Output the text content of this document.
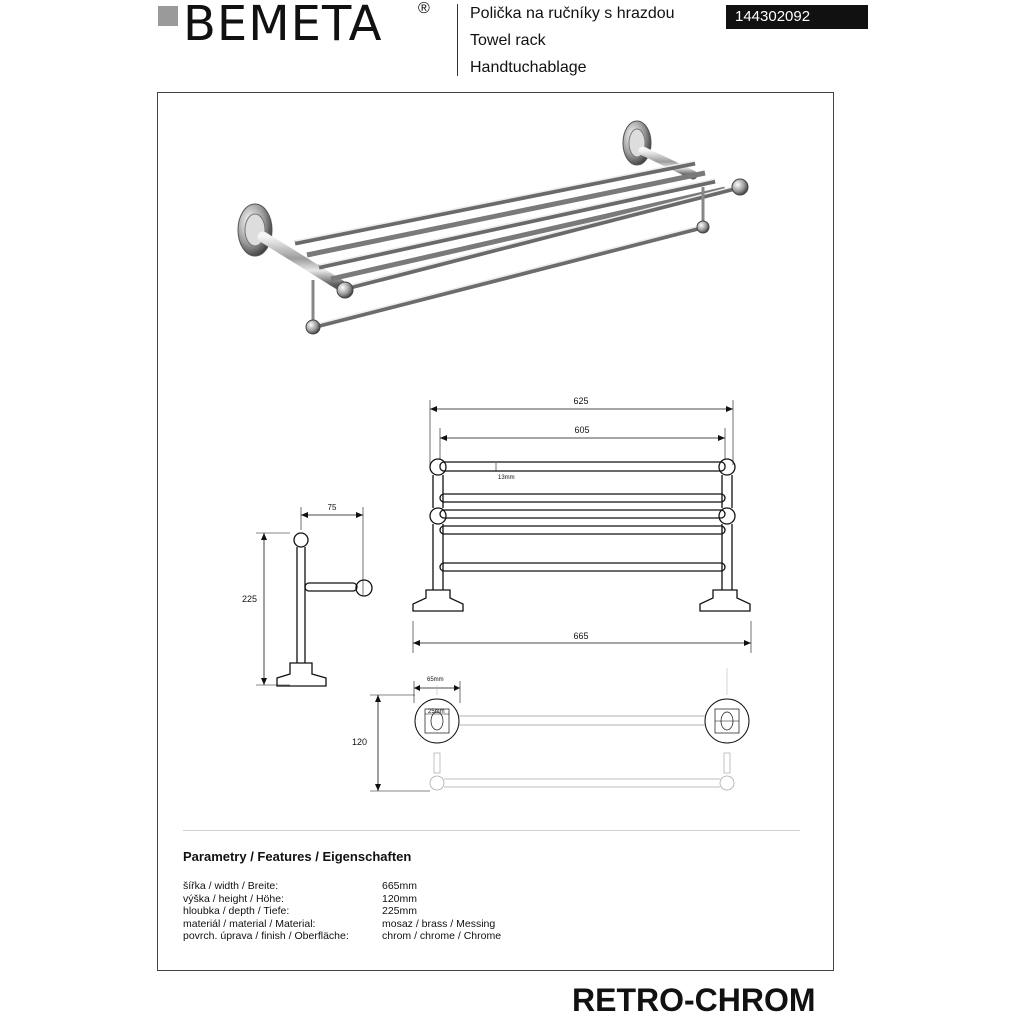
BEMETA ®	Polička na ručníky s hrazdou
Towel rack
Handtuchablage
144302092
625
605
13mm
665
75
225
65mm
25mm
120
Parametry / Features / Eigenschaften
šířka / width / Breite:	665mm
výška / height / Höhe:	120mm
hloubka / depth / Tiefe:	225mm
materiál / material / Material:	mosaz / brass / Messing
povrch. úprava / finish / Oberfläche:	chrom / chrome / Chrome
RETRO-CHROM
